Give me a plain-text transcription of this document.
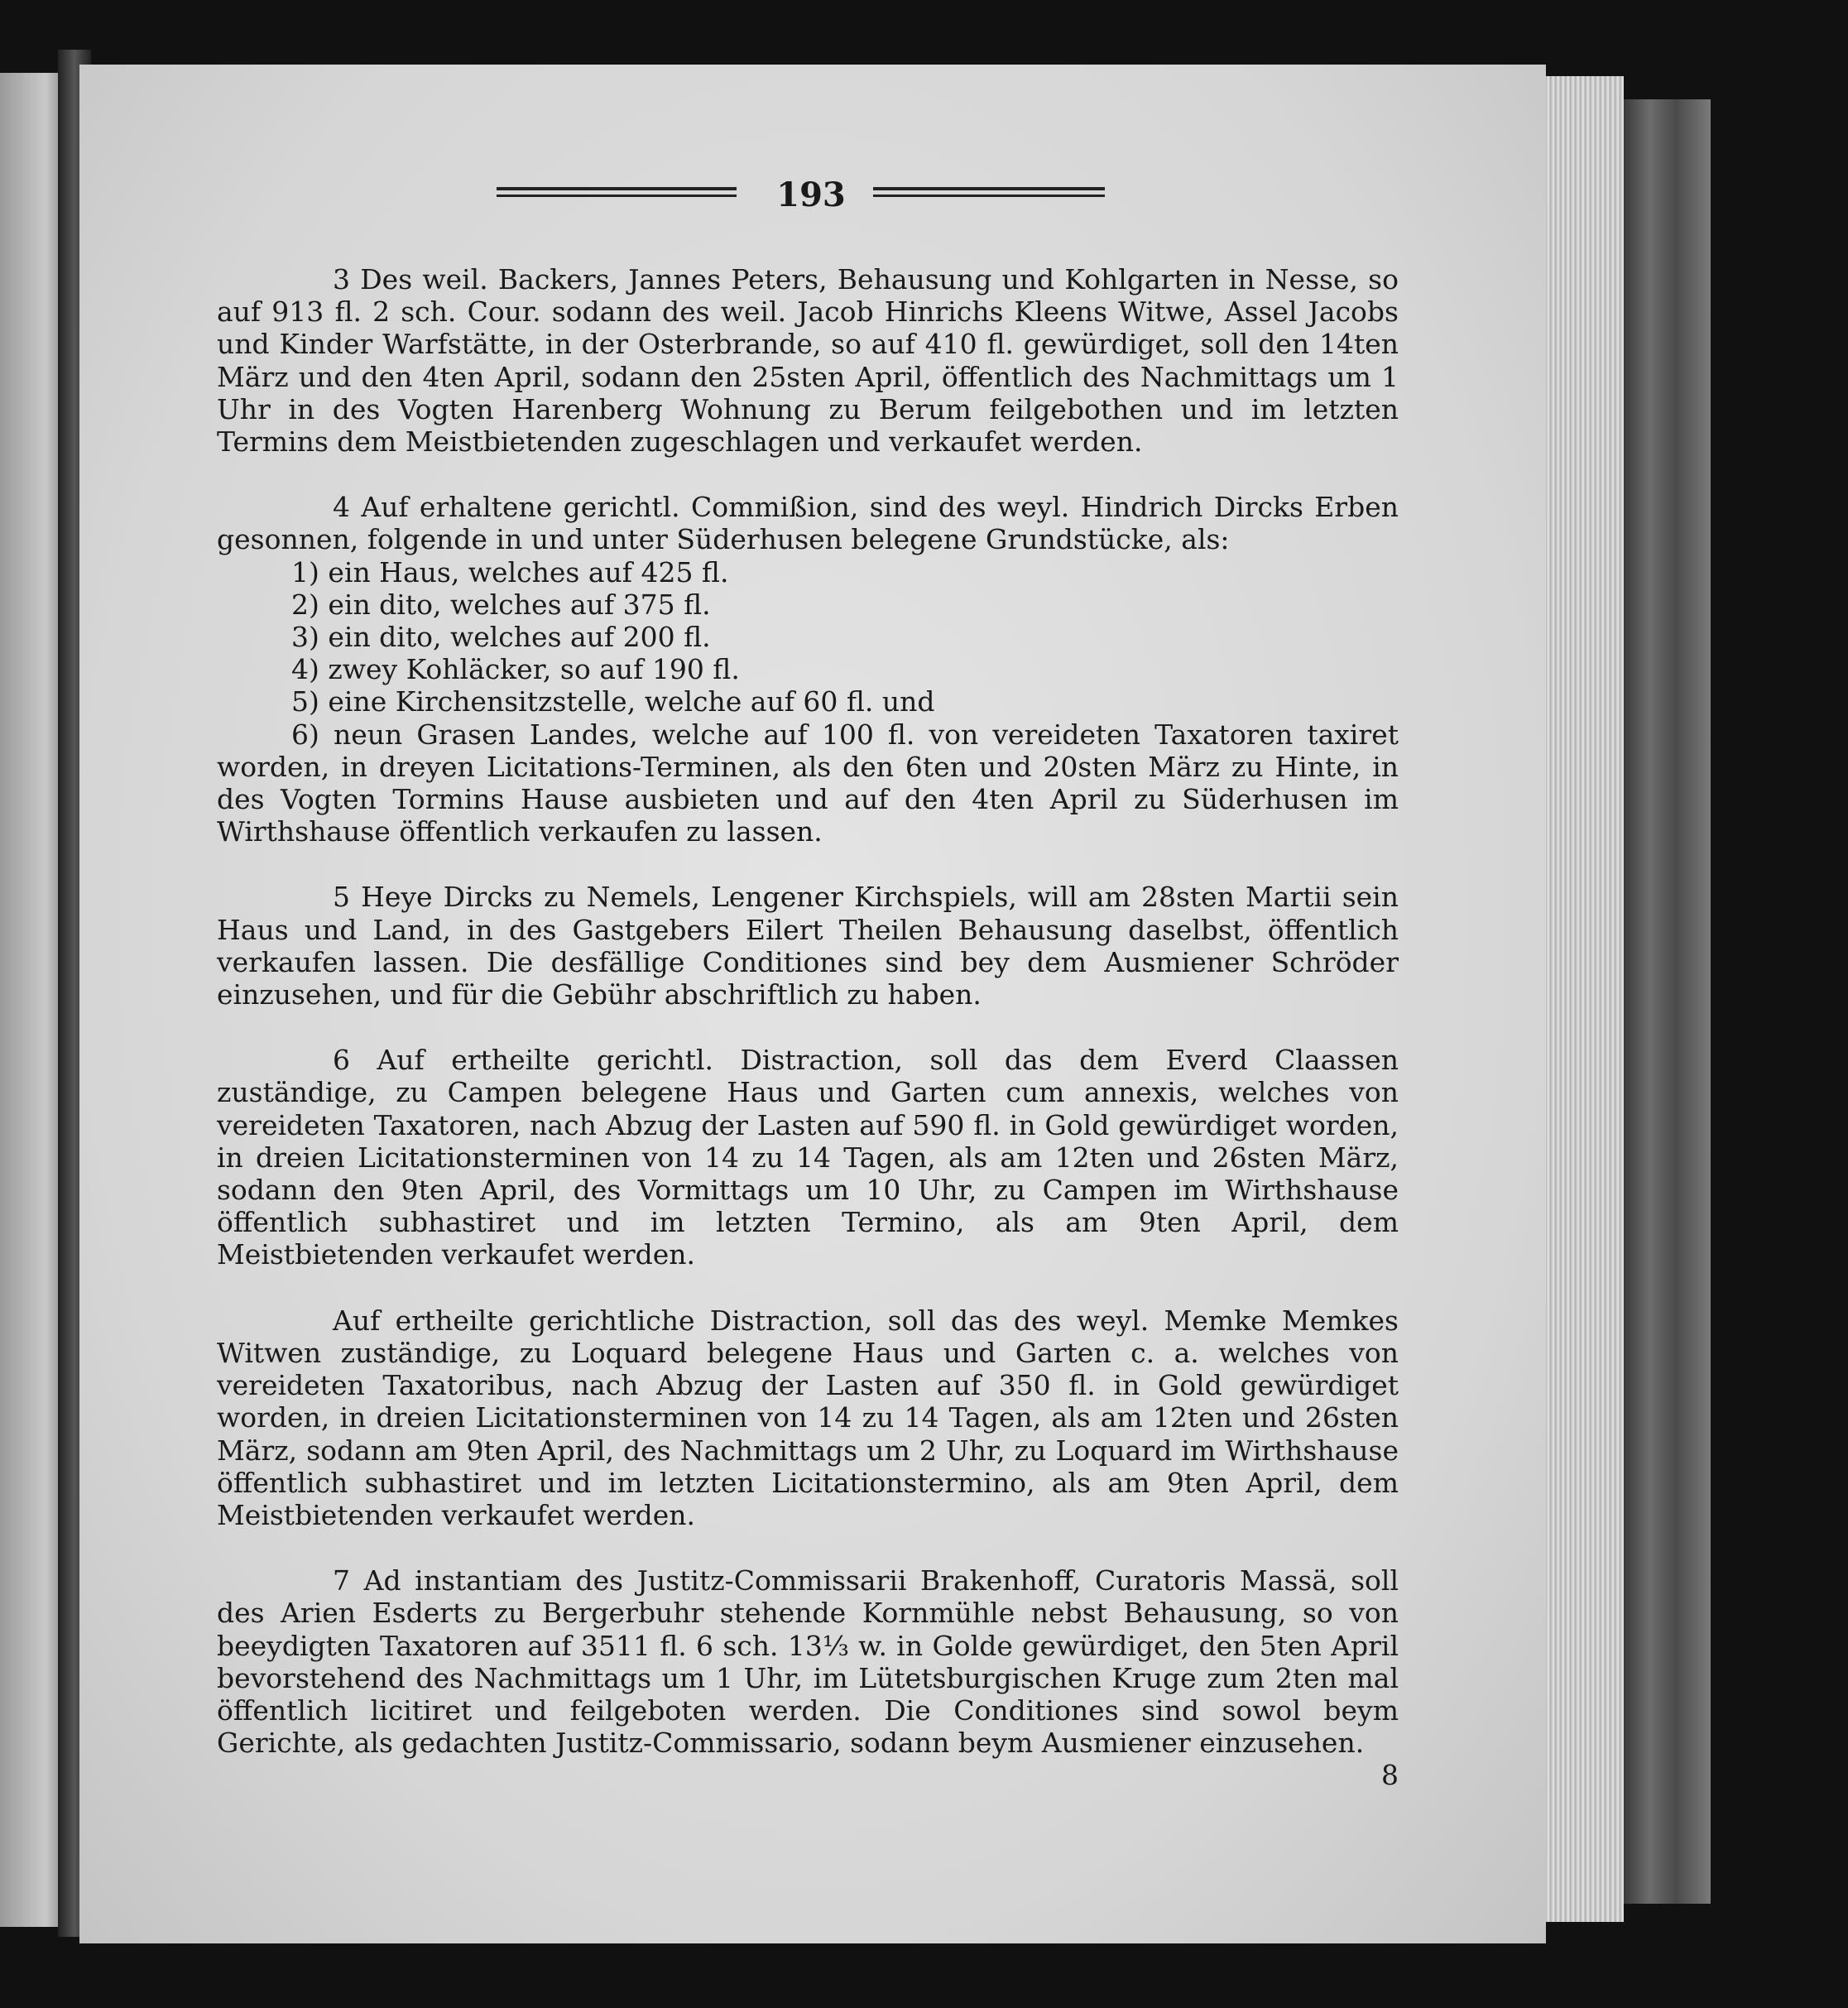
193

3 Des weil. Backers, Jannes Peters, Behausung und Kohlgarten in Nesse, so auf 913 fl. 2 sch. Cour. sodann des weil. Jacob Hinrichs Kleens Witwe, Assel Jacobs und Kinder Warfstätte, in der Osterbrande, so auf 410 fl. gewürdiget, soll den 14ten März und den 4ten April, sodann den 25sten April, öffentlich des Nachmittags um 1 Uhr in des Vogten Harenberg Wohnung zu Berum feilgebothen und im letzten Termins dem Meistbietenden zugeschlagen und verkaufet werden.

4 Auf erhaltene gerichtl. Commißion, sind des weyl. Hindrich Dircks Erben gesonnen, folgende in und unter Süderhusen belegene Grundstücke, als:

1) ein Haus, welches auf 425 fl.

2) ein dito, welches auf 375 fl.

3) ein dito, welches auf 200 fl.

4) zwey Kohläcker, so auf 190 fl.

5) eine Kirchensitzstelle, welche auf 60 fl. und

6) neun Grasen Landes, welche auf 100 fl. von vereideten Taxatoren taxiret worden, in dreyen Licitations-Terminen, als den 6ten und 20sten März zu Hinte, in des Vogten Tormins Hause ausbieten und auf den 4ten April zu Süderhusen im Wirthshause öffentlich verkaufen zu lassen.

5 Heye Dircks zu Nemels, Lengener Kirchspiels, will am 28sten Martii sein Haus und Land, in des Gastgebers Eilert Theilen Behausung daselbst, öffentlich verkaufen lassen. Die desfällige Conditiones sind bey dem Ausmiener Schröder einzusehen, und für die Gebühr abschriftlich zu haben.

6 Auf ertheilte gerichtl. Distraction, soll das dem Everd Claassen zuständige, zu Campen belegene Haus und Garten cum annexis, welches von vereideten Taxatoren, nach Abzug der Lasten auf 590 fl. in Gold gewürdiget worden, in dreien Licitationsterminen von 14 zu 14 Tagen, als am 12ten und 26sten März, sodann den 9ten April, des Vormittags um 10 Uhr, zu Campen im Wirthshause öffentlich subhastiret und im letzten Termino, als am 9ten April, dem Meistbietenden verkaufet werden.

Auf ertheilte gerichtliche Distraction, soll das des weyl. Memke Memkes Witwen zuständige, zu Loquard belegene Haus und Garten c. a. welches von vereideten Taxatoribus, nach Abzug der Lasten auf 350 fl. in Gold gewürdiget worden, in dreien Licitationsterminen von 14 zu 14 Tagen, als am 12ten und 26sten März, sodann am 9ten April, des Nachmittags um 2 Uhr, zu Loquard im Wirthshause öffentlich subhastiret und im letzten Licitationstermino, als am 9ten April, dem Meistbietenden verkaufet werden.

7 Ad instantiam des Justitz-Commissarii Brakenhoff, Curatoris Massä, soll des Arien Esderts zu Bergerbuhr stehende Kornmühle nebst Behausung, so von beeydigten Taxatoren auf 3511 fl. 6 sch. 13⅓ w. in Golde gewürdiget, den 5ten April bevorstehend des Nachmittags um 1 Uhr, im Lütetsburgischen Kruge zum 2ten mal öffentlich licitiret und feilgeboten werden. Die Conditiones sind sowol beym Gerichte, als gedachten Justitz-Commissario, sodann beym Ausmiener einzusehen.

8
